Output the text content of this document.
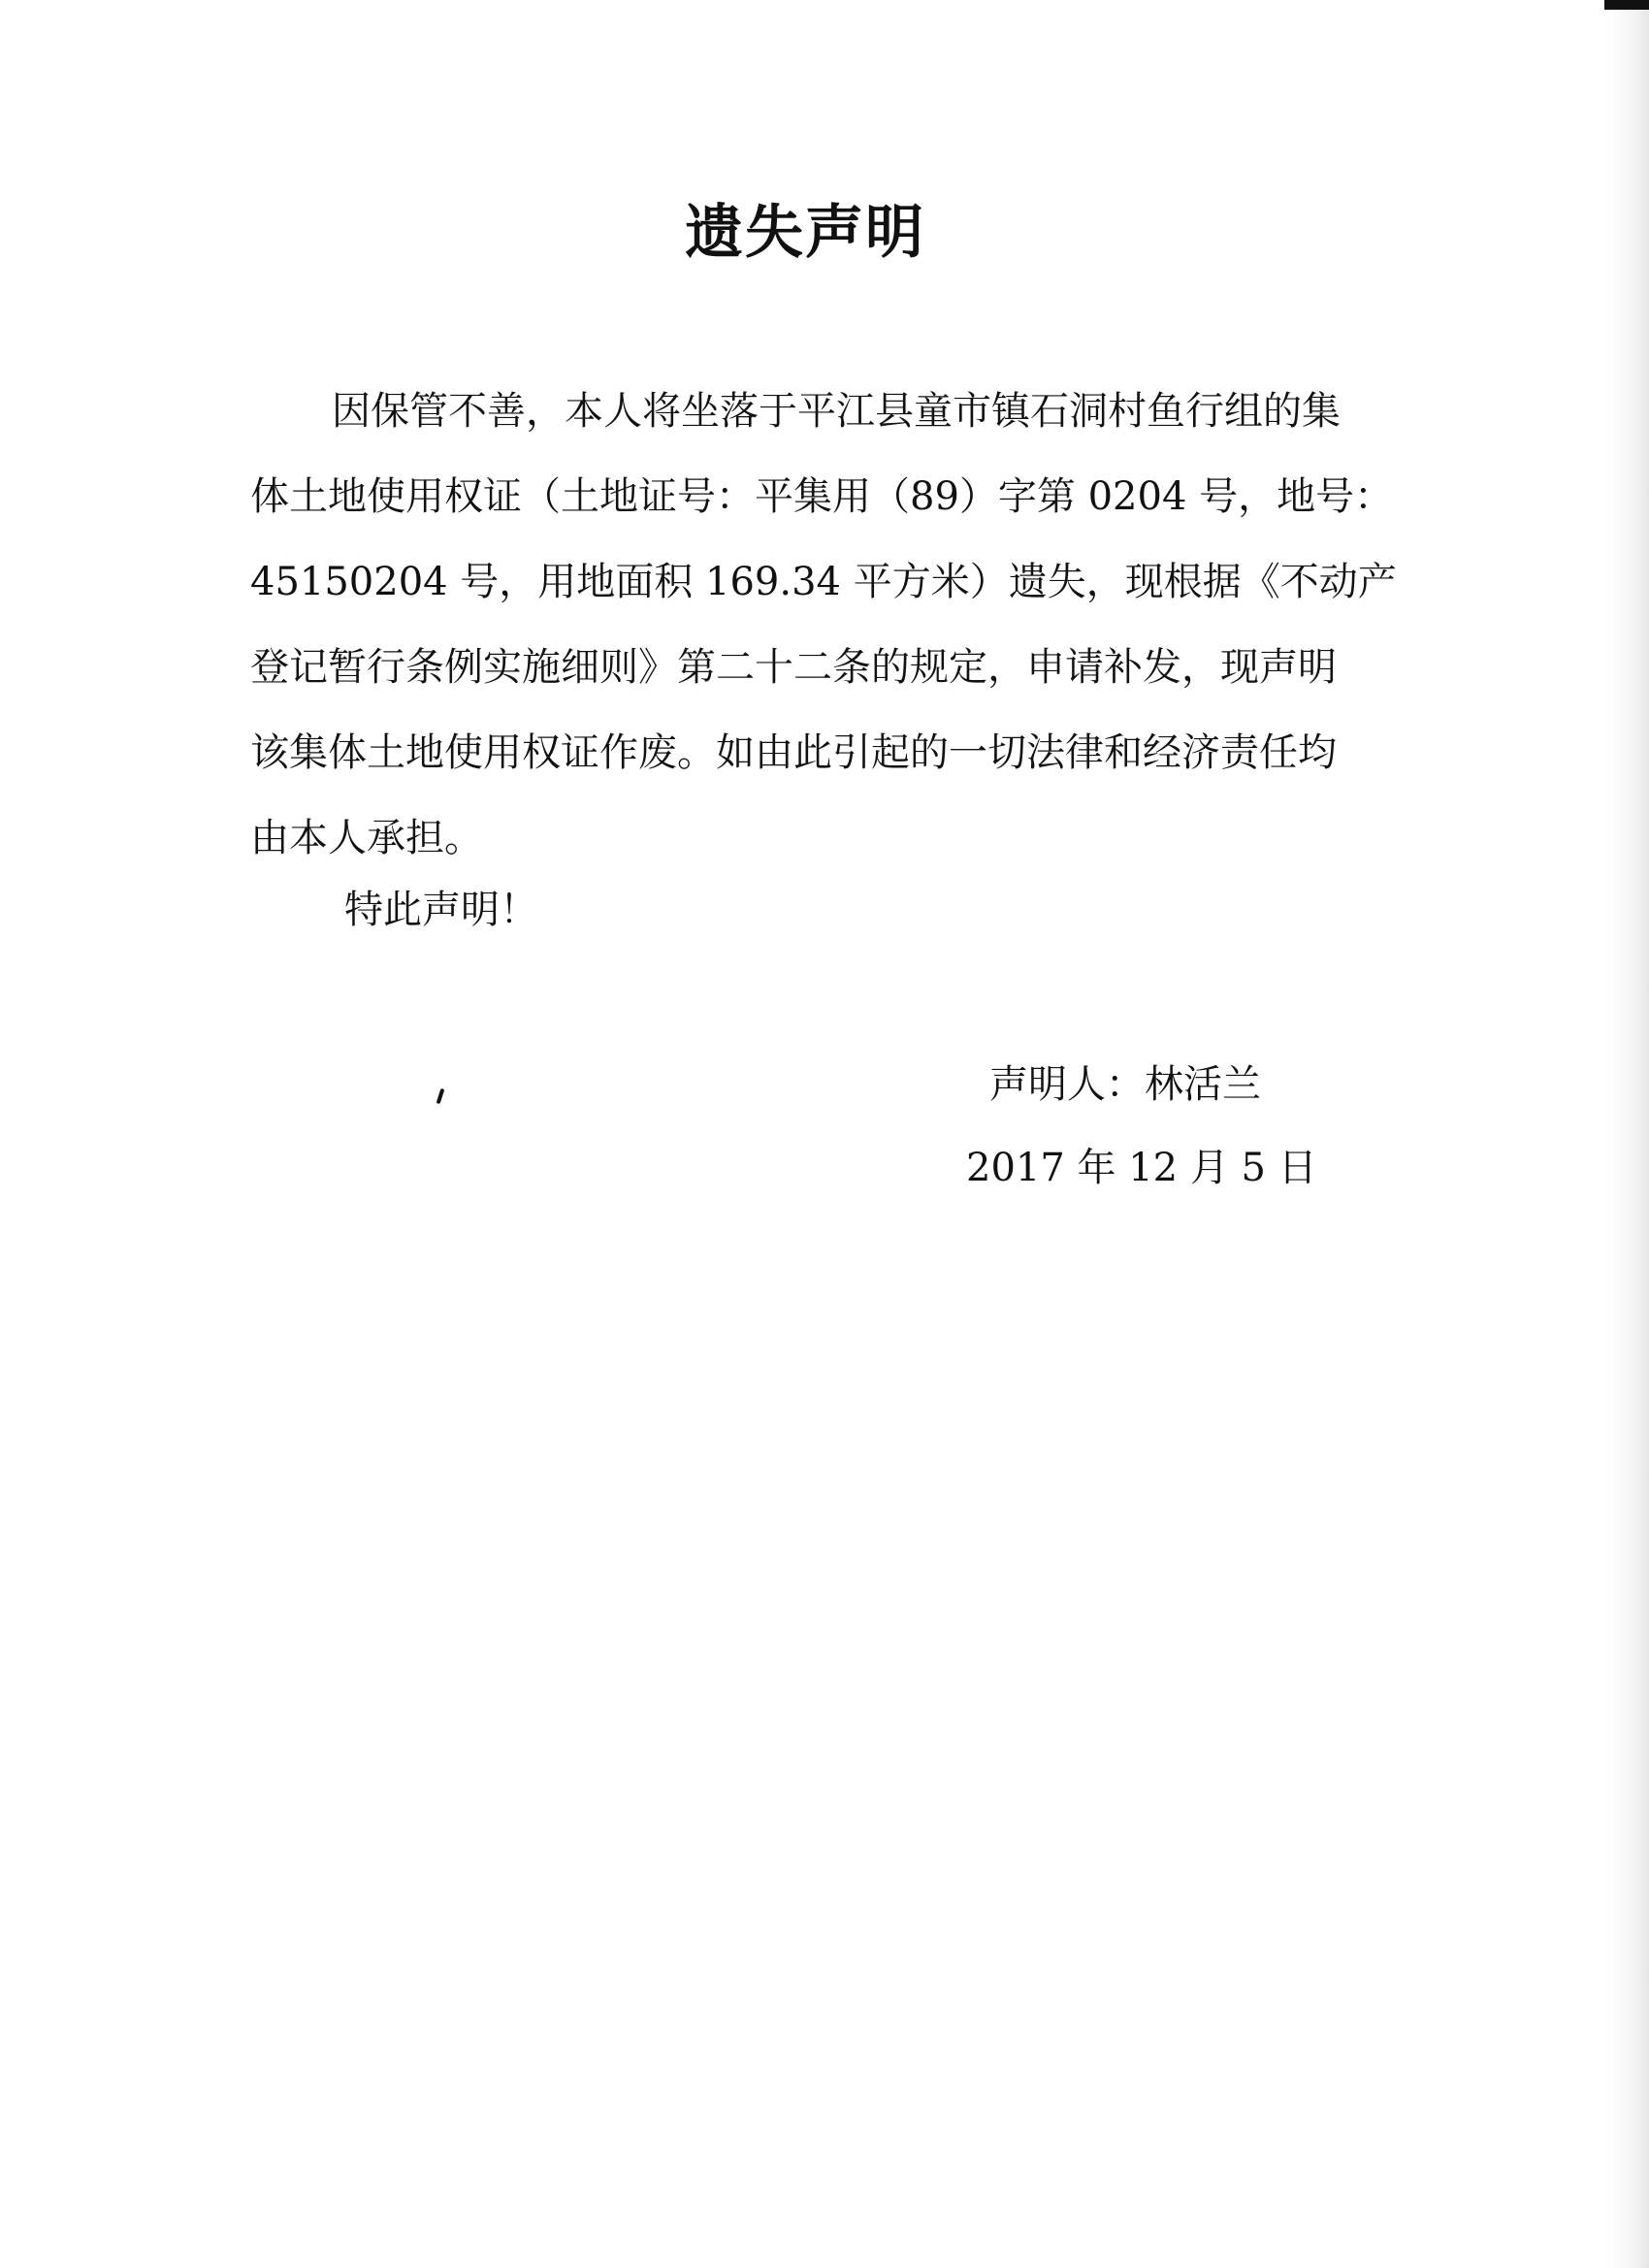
遗失声明
因保管不善，本人将坐落于平江县童市镇石洞村鱼行组的集
体土地使用权证（土地证号：平集用（89）字第 0204 号，地号：
45150204 号，用地面积 169.34 平方米）遗失，现根据《不动产
登记暂行条例实施细则》第二十二条的规定，申请补发，现声明
该集体土地使用权证作废。如由此引起的一切法律和经济责任均
由本人承担。
特此声明！
声明人：林活兰
2017 年 12 月 5 日
